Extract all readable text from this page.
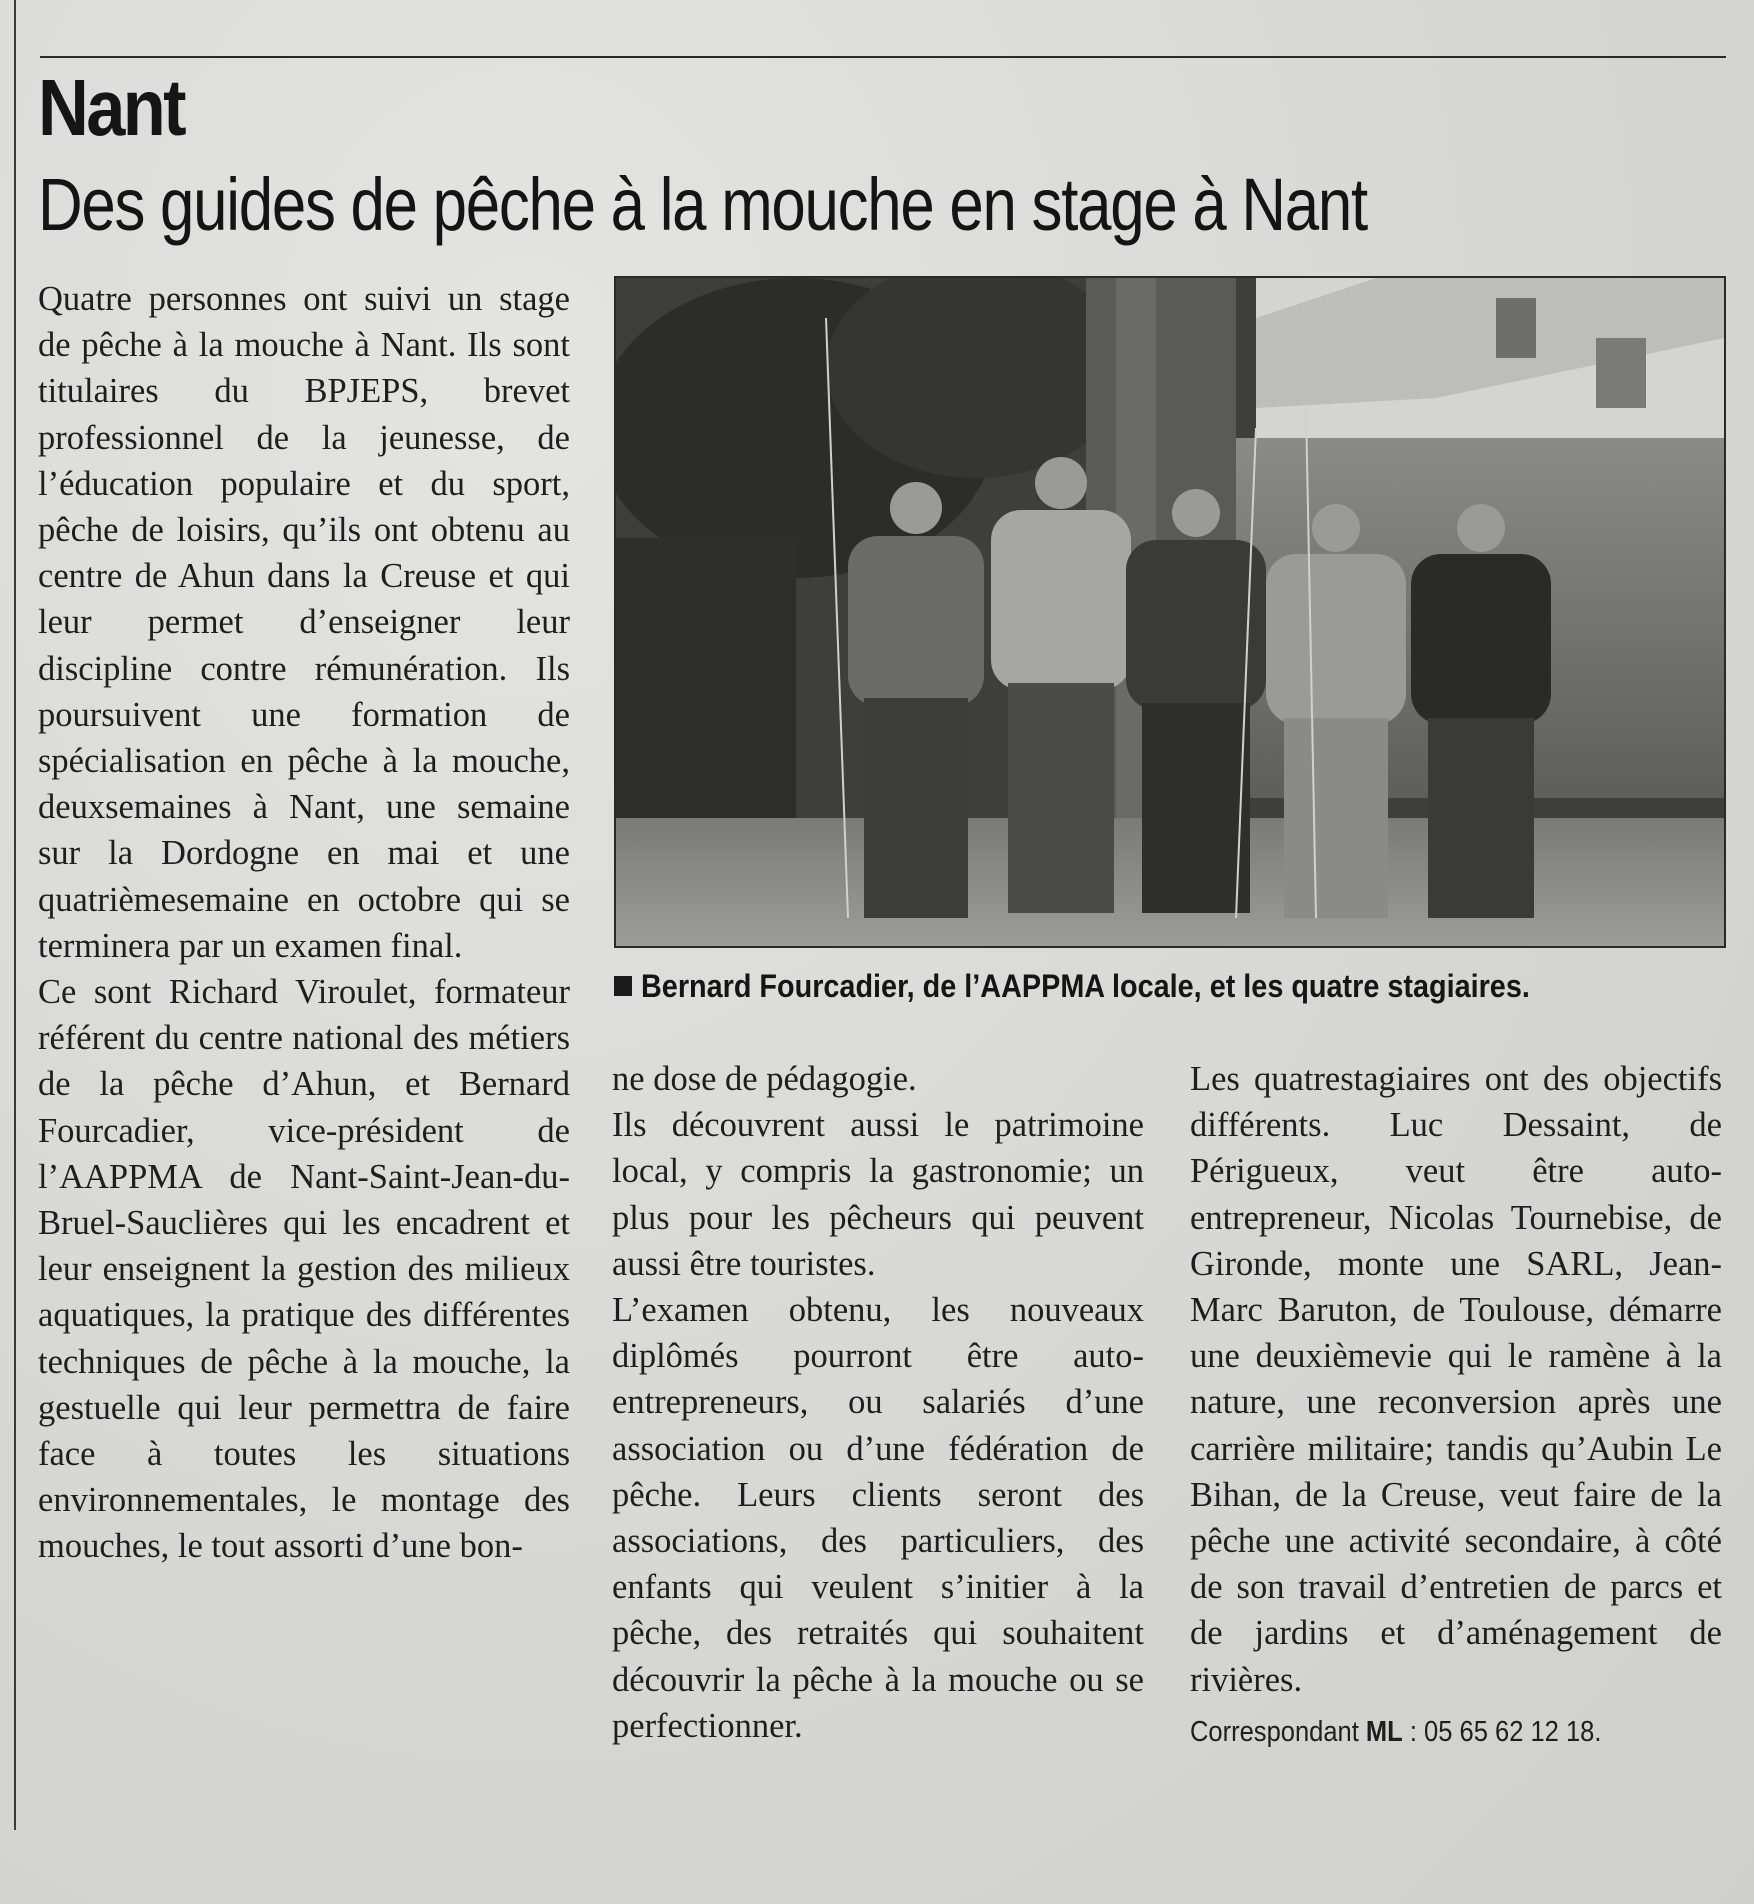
Nant
Des guides de pêche à la mouche en stage à Nant

Quatre personnes ont suivi un stage de pêche à la mouche à Nant. Ils sont titulaires du BPJEPS, brevet professionnel de la jeunesse, de l’éducation populaire et du sport, pêche de loisirs, qu’ils ont obtenu au centre de Ahun dans la Creuse et qui leur permet d’enseigner leur discipline contre rémunération. Ils poursuivent une formation de spécialisation en pêche à la mouche, deuxsemaines à Nant, une semaine sur la Dordogne en mai et une quatrièmesemaine en octobre qui se terminera par un examen final.

Ce sont Richard Viroulet, formateur référent du centre national des métiers de la pêche d’Ahun, et Bernard Fourcadier, vice-président de l’AAPPMA de Nant-Saint-Jean-du-Bruel-Sauclières qui les encadrent et leur enseignent la gestion des milieux aquatiques, la pratique des différentes techniques de pêche à la mouche, la gestuelle qui leur permettra de faire face à toutes les situations environnementales, le montage des mouches, le tout assorti d’une bon-

Bernard Fourcadier, de l’AAPPMA locale, et les quatre stagiaires.

ne dose de pédagogie.

Ils découvrent aussi le patrimoine local, y compris la gastronomie; un plus pour les pêcheurs qui peuvent aussi être touristes.

L’examen obtenu, les nouveaux diplômés pourront être auto-entrepreneurs, ou salariés d’une association ou d’une fédération de pêche. Leurs clients seront des associations, des particuliers, des enfants qui veulent s’initier à la pêche, des retraités qui souhaitent découvrir la pêche à la mouche ou se perfectionner.

Les quatrestagiaires ont des objectifs différents. Luc Dessaint, de Périgueux, veut être auto-entrepreneur, Nicolas Tournebise, de Gironde, monte une SARL, Jean-Marc Baruton, de Toulouse, démarre une deuxièmevie qui le ramène à la nature, une reconversion après une carrière militaire; tandis qu’Aubin Le Bihan, de la Creuse, veut faire de la pêche une activité secondaire, à côté de son travail d’entretien de parcs et de jardins et d’aménagement de rivières.

Correspondant ML : 05 65 62 12 18.
